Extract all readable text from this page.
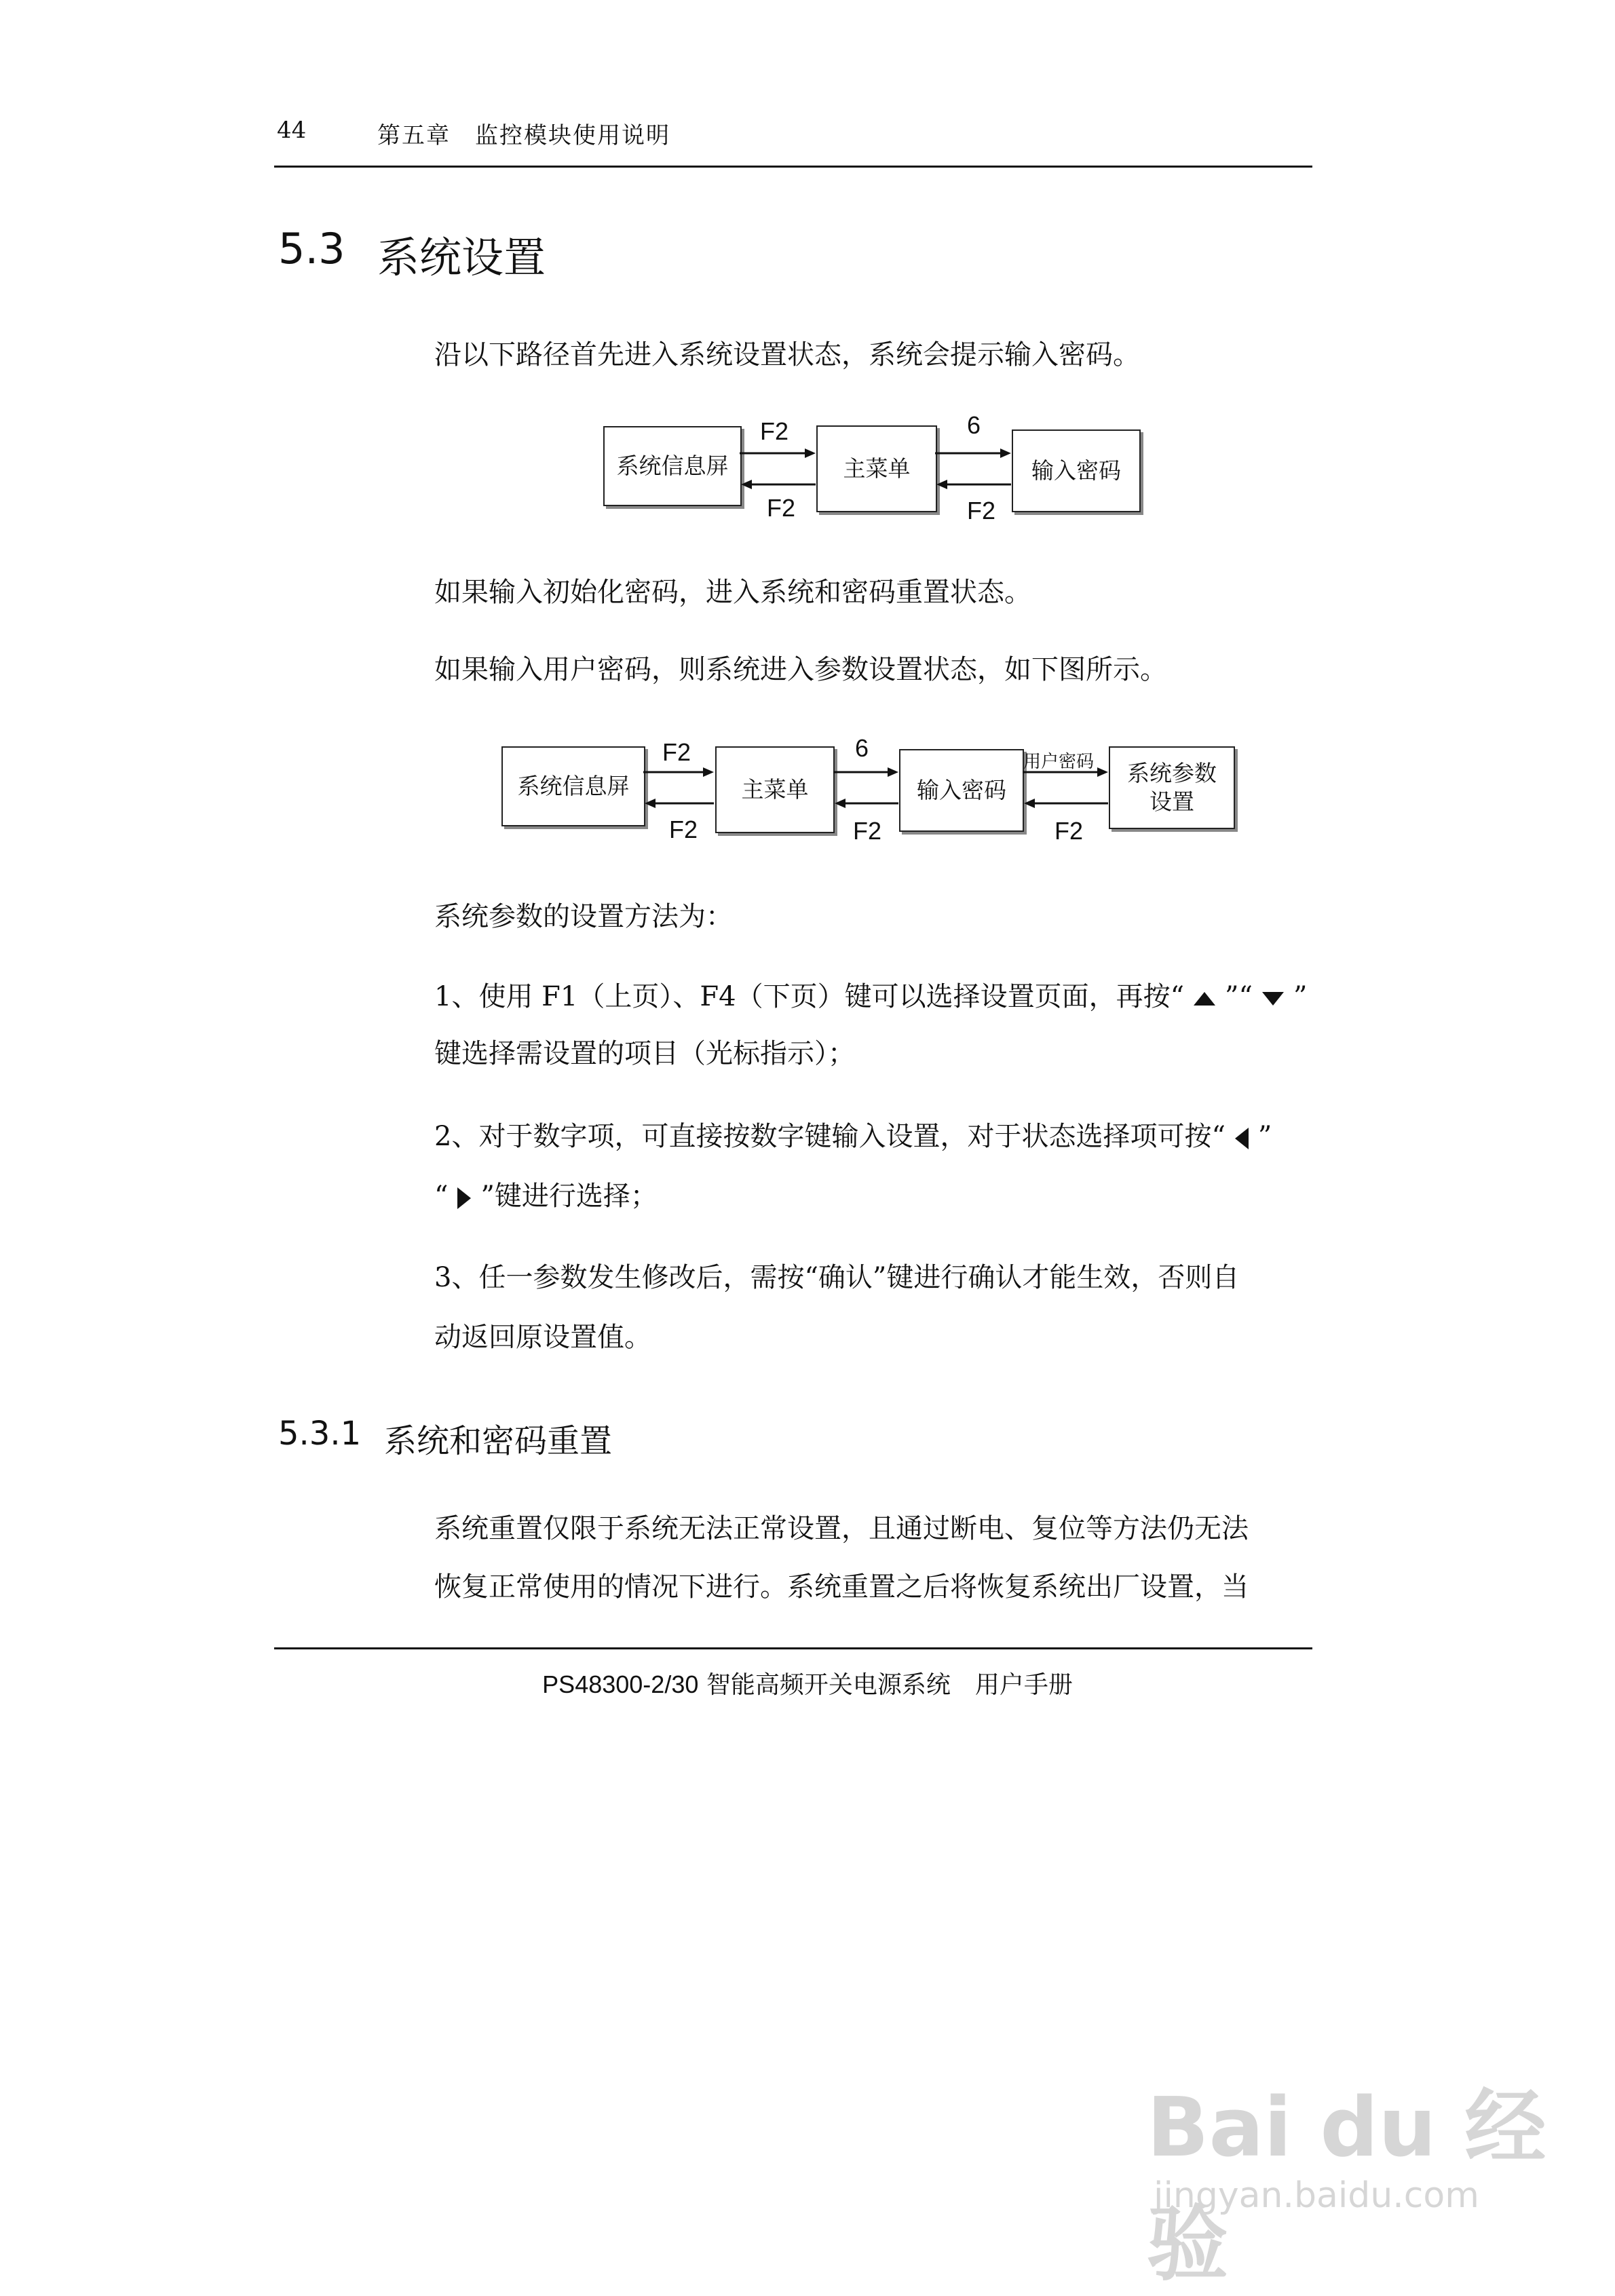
44	第五章　监控模块使用说明
5.3 系统设置
沿以下路径首先进入系统设置状态，系统会提示输入密码。
系统信息屏	主菜单	输入密码
F2
F2
6
F2
如果输入初始化密码，进入系统和密码重置状态。
如果输入用户密码，则系统进入参数设置状态，如下图所示。
系统信息屏	主菜单	输入密码
系统参数
设置
F2
F2
6
F2
用户密码
F2
系统参数的设置方法为：
1、使用 F1（上页）、F4（下页）键可以选择设置页面，再按“ ”“ ”
键选择需设置的项目（光标指示）；
2、对于数字项，可直接按数字键输入设置，对于状态选择项可按“ ”
“ ”键进行选择；
3、任一参数发生修改后，需按“确认”键进行确认才能生效，否则自
动返回原设置值。
5.3.1 系统和密码重置
系统重置仅限于系统无法正常设置，且通过断电、复位等方法仍无法
恢复正常使用的情况下进行。系统重置之后将恢复系统出厂设置，当
PS48300-2/30 智能高频开关电源系统　用户手册
Bai du 经验
jingyan.baidu.com
